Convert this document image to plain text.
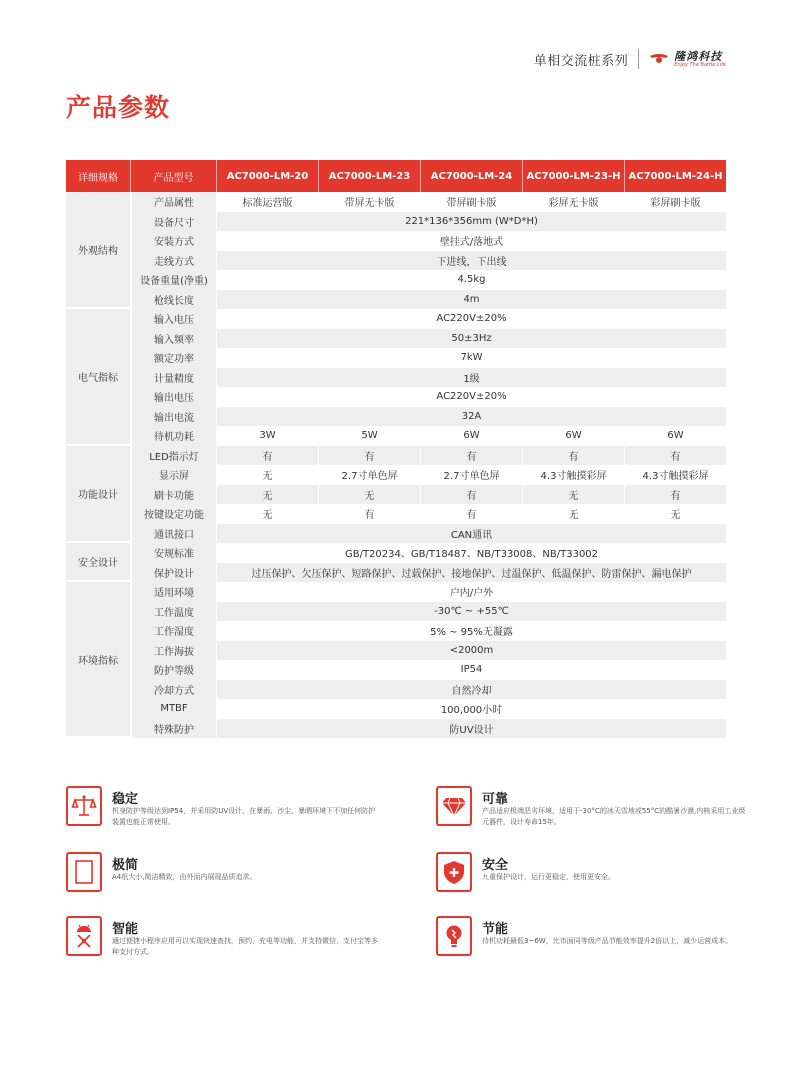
单相交流桩系列	隆鸿科技
Enjoy The Battle Life
产品参数
详细规格	产品型号	AC7000-LM-20	AC7000-LM-23	AC7000-LM-24	AC7000-LM-23-H	AC7000-LM-24-H
外观结构	产品属性	标准运营版	带屏无卡版	带屏刷卡版	彩屏无卡版	彩屏刷卡版
	设备尺寸	221*136*356mm (W*D*H)				
	安装方式	壁挂式/落地式				
	走线方式	下进线，下出线				
	设备重量(净重)	4.5kg				
	枪线长度	4m				
电气指标	输入电压	AC220V±20%				
	输入频率	50±3Hz				
	额定功率	7kW				
	计量精度	1级				
	输出电压	AC220V±20%				
	输出电流	32A				
	待机功耗	3W	5W	6W	6W	6W
功能设计	LED指示灯	有	有	有	有	有
	显示屏	无	2.7寸单色屏	2.7寸单色屏	4.3寸触摸彩屏	4.3寸触摸彩屏
	刷卡功能	无	无	有	无	有
	按键设定功能	无	有	有	无	无
	通讯接口	CAN通讯				
安全设计	安规标准	GB/T20234、GB/T18487、NB/T33008、NB/T33002				
	保护设计	过压保护、欠压保护、短路保护、过载保护、接地保护、过温保护、低温保护、防雷保护、漏电保护				
环境指标	适用环境	户内/户外				
	工作温度	-30℃ ~ +55℃				
	工作湿度	5% ~ 95%无凝露				
	工作海拔	<2000m				
	防护等级	IP54				
	冷却方式	自然冷却				
	MTBF	100,000小时				
	特殊防护	防UV设计				
稳定
机身防护等级达到IP54，并采用防UV设计，在暴雨、沙尘、暴晒环境下不加任何防护装置也能正常使用。
可靠
产品适应极端恶劣环境，适用于-30°C的冰天雪地或55°C的酷暑沙漠,内核采用工业级元器件，设计寿命15年。
极简
A4纸大小,简洁精致，由外而内展现品质追求。
安全
九重保护设计，运行更稳定，使用更安全。
智能
通过便捷小程序应用可以实现快速查找，预约，充电等功能，并支持微信，支付宝等多种支付方式。
节能
待机功耗最低3~6W，比市面同等级产品节能效率提升2倍以上，减少运营成本。
